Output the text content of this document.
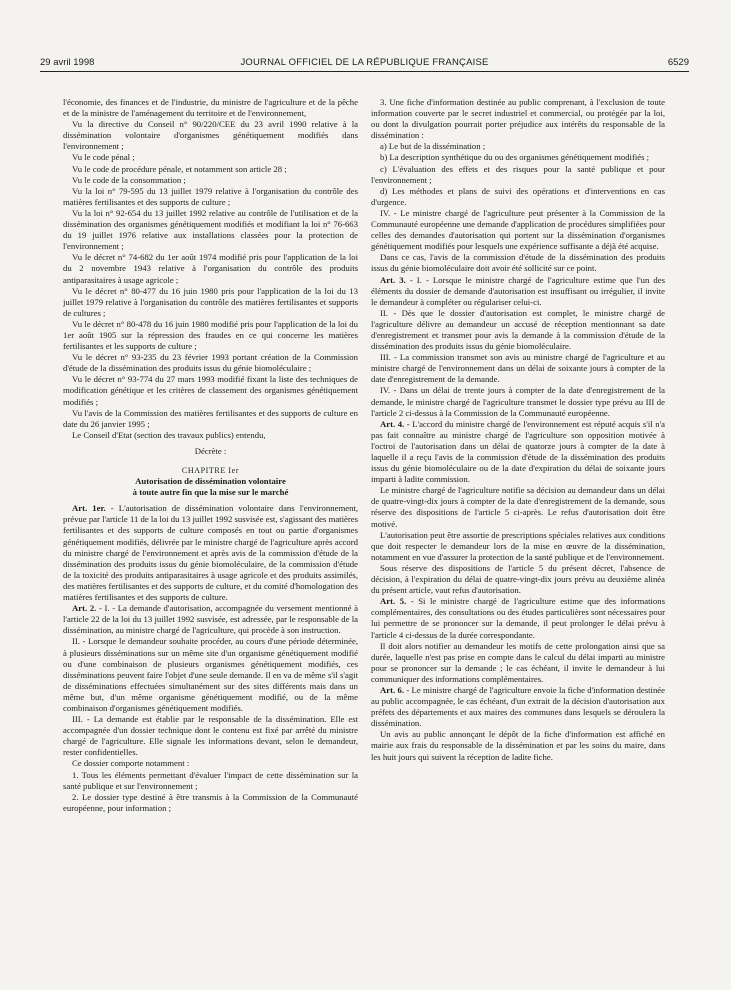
29 avril 1998	JOURNAL OFFICIEL DE LA RÉPUBLIQUE FRANÇAISE	6529

l'économie, des finances et de l'industrie, du ministre de l'agriculture et de la pêche et de la ministre de l'aménagement du territoire et de l'environnement,

Vu la directive du Conseil n° 90/220/CEE du 23 avril 1990 relative à la dissémination volontaire d'organismes génétiquement modifiés dans l'environnement ;

Vu le code pénal ;

Vu le code de procédure pénale, et notamment son article 28 ;

Vu le code de la consommation ;

Vu la loi n° 79-595 du 13 juillet 1979 relative à l'organisation du contrôle des matières fertilisantes et des supports de culture ;

Vu la loi n° 92-654 du 13 juillet 1992 relative au contrôle de l'utilisation et de la dissémination des organismes génétiquement modifiés et modifiant la loi n° 76-663 du 19 juillet 1976 relative aux installations classées pour la protection de l'environnement ;

Vu le décret n° 74-682 du 1er août 1974 modifié pris pour l'application de la loi du 2 novembre 1943 relative à l'organisation du contrôle des produits antiparasitaires à usage agricole ;

Vu le décret n° 80-477 du 16 juin 1980 pris pour l'application de la loi du 13 juillet 1979 relative à l'organisation du contrôle des matières fertilisantes et supports de cultures ;

Vu le décret n° 80-478 du 16 juin 1980 modifié pris pour l'application de la loi du 1er août 1905 sur la répression des fraudes en ce qui concerne les matières fertilisantes et les supports de culture ;

Vu le décret n° 93-235 du 23 février 1993 portant création de la Commission d'étude de la dissémination des produits issus du génie biomoléculaire ;

Vu le décret n° 93-774 du 27 mars 1993 modifié fixant la liste des techniques de modification génétique et les critères de classement des organismes génétiquement modifiés ;

Vu l'avis de la Commission des matières fertilisantes et des supports de culture en date du 26 janvier 1995 ;

Le Conseil d'Etat (section des travaux publics) entendu,

Décrète :

CHAPITRE Ier

Autorisation de dissémination volontaire
à toute autre fin que la mise sur le marché

Art. 1er. - L'autorisation de dissémination volontaire dans l'environnement, prévue par l'article 11 de la loi du 13 juillet 1992 susvisée est, s'agissant des matières fertilisantes et des supports de culture composés en tout ou partie d'organismes génétiquement modifiés, délivrée par le ministre chargé de l'agriculture après accord du ministre chargé de l'environnement et après avis de la commission d'étude de la dissémination des produits issus du génie biomoléculaire, de la commission d'étude de la toxicité des produits antiparasitaires à usage agricole et des produits assimilés, des matières fertilisantes et des supports de culture, et du comité d'homologation des matières fertilisantes et des supports de culture.

Art. 2. - I. - La demande d'autorisation, accompagnée du versement mentionné à l'article 22 de la loi du 13 juillet 1992 susvisée, est adressée, par le responsable de la dissémination, au ministre chargé de l'agriculture, qui procède à son instruction.

II. - Lorsque le demandeur souhaite procéder, au cours d'une période déterminée, à plusieurs disséminations sur un même site d'un organisme génétiquement modifié ou d'une combinaison de plusieurs organismes génétiquement modifiés, ces disséminations peuvent faire l'objet d'une seule demande. Il en va de même s'il s'agit de disséminations effectuées simultanément sur des sites différents mais dans un même but, d'un même organisme génétiquement modifié, ou de la même combinaison d'organismes génétiquement modifiés.

III. - La demande est établie par le responsable de la dissémination. Elle est accompagnée d'un dossier technique dont le contenu est fixé par arrêté du ministre chargé de l'agriculture. Elle signale les informations devant, selon le demandeur, rester confidentielles.

Ce dossier comporte notamment :

1. Tous les éléments permettant d'évaluer l'impact de cette dissémination sur la santé publique et sur l'environnement ;

2. Le dossier type destiné à être transmis à la Commission de la Communauté européenne, pour information ;

3. Une fiche d'information destinée au public comprenant, à l'exclusion de toute information couverte par le secret industriel et commercial, ou protégée par la loi, ou dont la divulgation pourrait porter préjudice aux intérêts du responsable de la dissémination :

a) Le but de la dissémination ;

b) La description synthétique du ou des organismes génétiquement modifiés ;

c) L'évaluation des effets et des risques pour la santé publique et pour l'environnement ;

d) Les méthodes et plans de suivi des opérations et d'interventions en cas d'urgence.

IV. - Le ministre chargé de l'agriculture peut présenter à la Commission de la Communauté européenne une demande d'application de procédures simplifiées pour celles des demandes d'autorisation qui portent sur la dissémination d'organismes génétiquement modifiés pour lesquels une expérience suffisante a déjà été acquise.

Dans ce cas, l'avis de la commission d'étude de la dissémination des produits issus du génie biomoléculaire doit avoir été sollicité sur ce point.

Art. 3. - I. - Lorsque le ministre chargé de l'agriculture estime que l'un des éléments du dossier de demande d'autorisation est insuffisant ou irrégulier, il invite le demandeur à compléter ou régulariser celui-ci.

II. - Dès que le dossier d'autorisation est complet, le ministre chargé de l'agriculture délivre au demandeur un accusé de réception mentionnant sa date d'enregistrement et transmet pour avis la demande à la commission d'étude de la dissémination des produits issus du génie biomoléculaire.

III. - La commission transmet son avis au ministre chargé de l'agriculture et au ministre chargé de l'environnement dans un délai de soixante jours à compter de la date d'enregistrement de la demande.

IV. - Dans un délai de trente jours à compter de la date d'enregistrement de la demande, le ministre chargé de l'agriculture transmet le dossier type prévu au III de l'article 2 ci-dessus à la Commission de la Communauté européenne.

Art. 4. - L'accord du ministre chargé de l'environnement est réputé acquis s'il n'a pas fait connaître au ministre chargé de l'agriculture son opposition motivée à l'octroi de l'autorisation dans un délai de quatorze jours à compter de la date à laquelle il a reçu l'avis de la commission d'étude de la dissémination des produits issus du génie biomoléculaire ou de la date d'expiration du délai de soixante jours imparti à ladite commission.

Le ministre chargé de l'agriculture notifie sa décision au demandeur dans un délai de quatre-vingt-dix jours à compter de la date d'enregistrement de la demande, sous réserve des dispositions de l'article 5 ci-après. Le refus d'autorisation doit être motivé.

L'autorisation peut être assortie de prescriptions spéciales relatives aux conditions que doit respecter le demandeur lors de la mise en œuvre de la dissémination, notamment en vue d'assurer la protection de la santé publique et de l'environnement.

Sous réserve des dispositions de l'article 5 du présent décret, l'absence de décision, à l'expiration du délai de quatre-vingt-dix jours prévu au deuxième alinéa du présent article, vaut refus d'autorisation.

Art. 5. - Si le ministre chargé de l'agriculture estime que des informations complémentaires, des consultations ou des études particulières sont nécessaires pour lui permettre de se prononcer sur la demande, il peut prolonger le délai prévu à l'article 4 ci-dessus de la durée correspondante.

Il doit alors notifier au demandeur les motifs de cette prolongation ainsi que sa durée, laquelle n'est pas prise en compte dans le calcul du délai imparti au ministre pour se prononcer sur la demande ; le cas échéant, il invite le demandeur à lui communiquer des informations complémentaires.

Art. 6. - Le ministre chargé de l'agriculture envoie la fiche d'information destinée au public accompagnée, le cas échéant, d'un extrait de la décision d'autorisation aux préfets des départements et aux maires des communes dans lesquels se déroulera la dissémination.

Un avis au public annonçant le dépôt de la fiche d'information est affiché en mairie aux frais du responsable de la dissémination et par les soins du maire, dans les huit jours qui suivent la réception de ladite fiche.
